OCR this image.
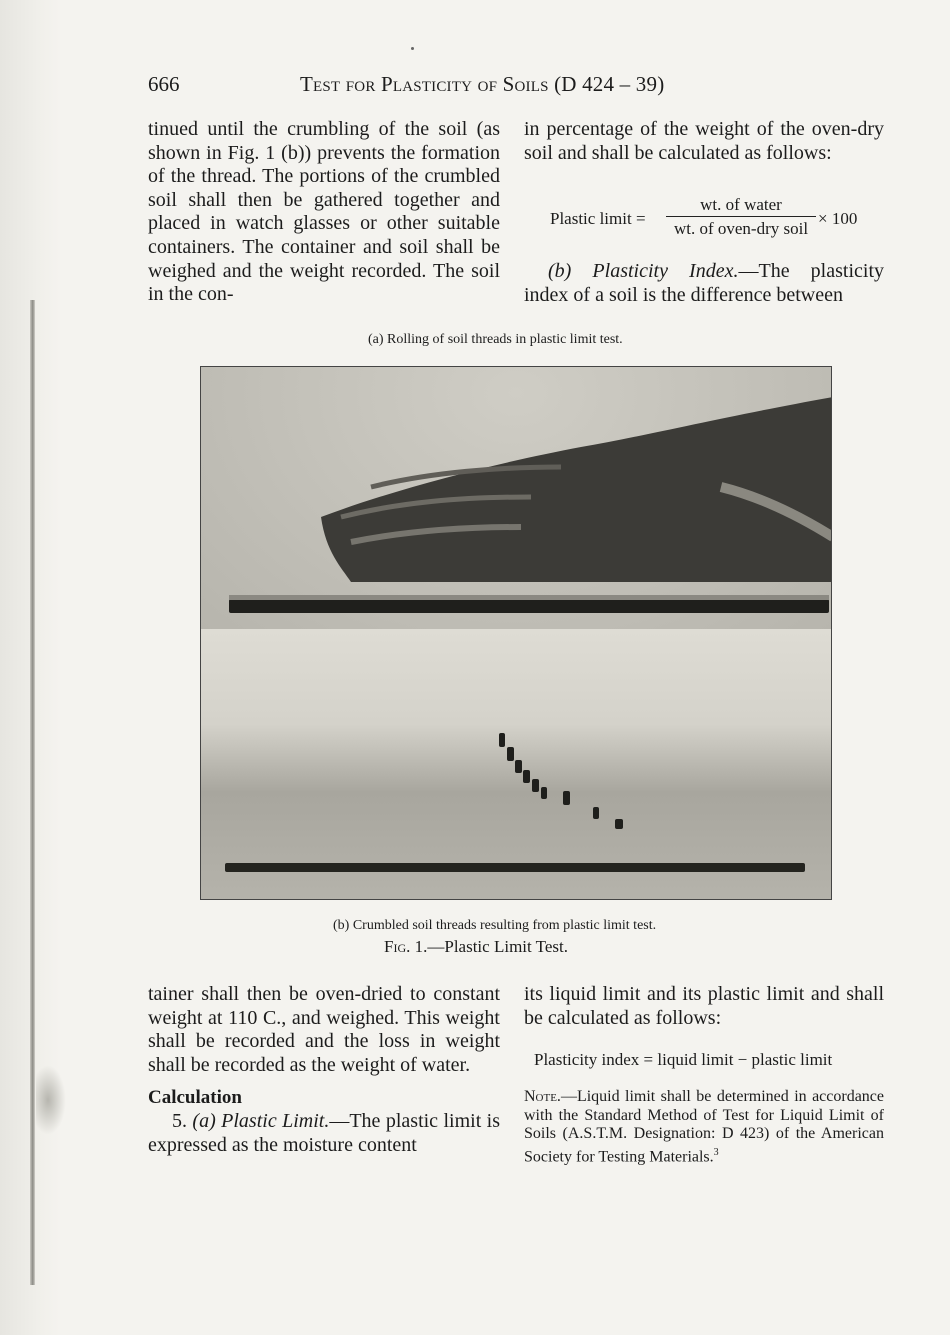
666	Test for Plasticity of Soils (D 424 – 39)

tinued until the crumbling of the soil (as shown in Fig. 1 (b)) prevents the formation of the thread. The portions of the crumbled soil shall then be gathered together and placed in watch glasses or other suitable containers. The container and soil shall be weighed and the weight recorded. The soil in the con-

in percentage of the weight of the oven-dry soil and shall be calculated as follows:

Plastic limit =
wt. of water
wt. of oven-dry soil
× 100

(b) Plasticity Index.—The plasticity index of a soil is the difference between

(a) Rolling of soil threads in plastic limit test.
(b) Crumbled soil threads resulting from plastic limit test.
Fig. 1.—Plastic Limit Test.

tainer shall then be oven-dried to constant weight at 110 C., and weighed. This weight shall be recorded and the loss in weight shall be recorded as the weight of water.

Calculation

5. (a) Plastic Limit.—The plastic limit is expressed as the moisture content

its liquid limit and its plastic limit and shall be calculated as follows:

Plasticity index = liquid limit − plastic limit
Note.—Liquid limit shall be determined in accordance with the Standard Method of Test for Liquid Limit of Soils (A.S.T.M. Designation: D 423) of the American Society for Testing Materials.$^3$
